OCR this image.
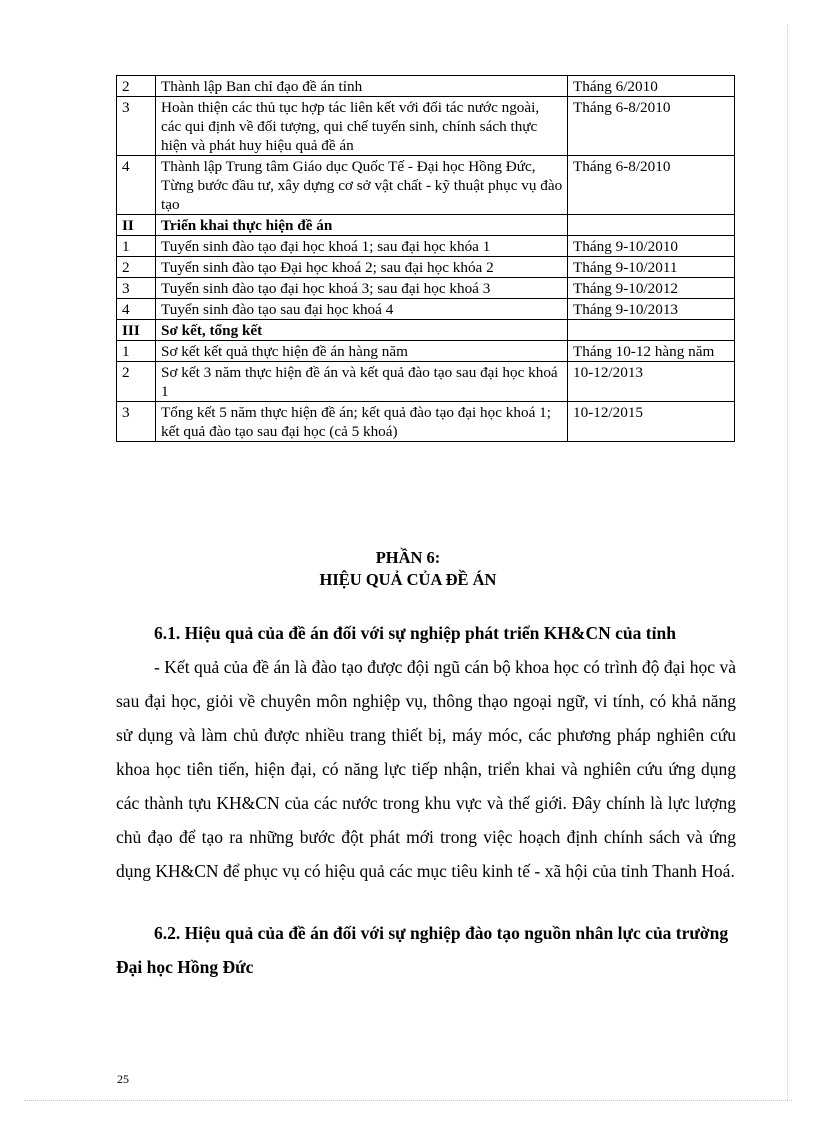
2	Thành lập Ban chỉ đạo đề án tỉnh	Tháng 6/2010
3	Hoàn thiện các thủ tục hợp tác liên kết với đối tác nước ngoài, các qui định về đối tượng, qui chế tuyển sinh, chính sách thực hiện và phát huy hiệu quả đề án	Tháng 6-8/2010
4	Thành lập Trung tâm Giáo dục Quốc Tế - Đại học Hồng Đức, Từng bước đầu tư, xây dựng cơ sở vật chất - kỹ thuật phục vụ đào tạo	Tháng 6-8/2010
II	Triển khai thực hiện đề án	
1	Tuyển sinh đào tạo đại học khoá 1; sau đại học khóa 1	Tháng 9-10/2010
2	Tuyển sinh đào tạo Đại học khoá 2; sau đại học khóa 2	Tháng 9-10/2011
3	Tuyển sinh đào tạo đại học khoá 3; sau đại học khoá 3	Tháng 9-10/2012
4	Tuyển sinh đào tạo sau đại học khoá 4	Tháng 9-10/2013
III	Sơ kết, tổng kết	
1	Sơ kết kết quả thực hiện đề án hàng năm	Tháng 10-12 hàng năm
2	Sơ kết 3 năm thực hiện đề án và kết quả đào tạo sau đại học khoá 1	10-12/2013
3	Tổng kết 5 năm thực hiện đề án; kết quả đào tạo đại học khoá 1; kết quả đào tạo sau đại học (cả 5 khoá)	10-12/2015
PHẦN 6:
HIỆU QUẢ CỦA ĐỀ ÁN
6.1. Hiệu quả của đề án đối với sự nghiệp phát triển KH&CN của tỉnh
- Kết quả của đề án là đào tạo được đội ngũ cán bộ khoa học có trình độ đại học và sau đại học, giỏi về chuyên môn nghiệp vụ, thông thạo ngoại ngữ, vi tính, có khả năng sử dụng và làm chủ được nhiều trang thiết bị, máy móc, các phương pháp nghiên cứu khoa học tiên tiến, hiện đại, có năng lực tiếp nhận, triển khai và nghiên cứu ứng dụng các thành tựu KH&CN của các nước trong khu vực và thế giới. Đây chính là lực lượng chủ đạo để tạo ra những bước đột phát mới trong việc hoạch định chính sách và ứng dụng KH&CN để phục vụ có hiệu quả các mục tiêu kinh tế - xã hội của tỉnh Thanh Hoá.
6.2. Hiệu quả của đề án đối với sự nghiệp đào tạo nguồn nhân lực của trường Đại học Hồng Đức
25
